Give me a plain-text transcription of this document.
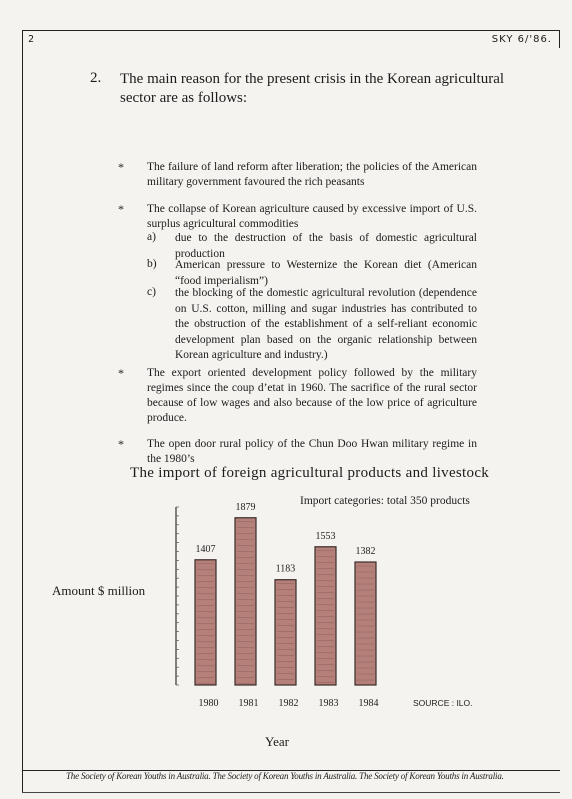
2	SKY 6/'86.
2. The main reason for the present crisis in the Korean agricultural sector are as follows:
* The failure of land reform after liberation; the policies of the American military government favoured the rich peasants
* The collapse of Korean agriculture caused by excessive import of U.S. surplus agricultural commodities
a) due to the destruction of the basis of domestic agricultural production
b) American pressure to Westernize the Korean diet (American “food imperialism”)
c) the blocking of the domestic agricultural revolution (dependence on U.S. cotton, milling and sugar industries has contributed to the obstruction of the establishment of a self-reliant economic development plan based on the organic relationship between Korean agriculture and industry.)
* The export oriented development policy followed by the military regimes since the coup d’etat in 1960. The sacrifice of the rural sector because of low wages and also because of the low price of agriculture produce.
* The open door rural policy of the Chun Doo Hwan military regime in the 1980’s
The import of foreign agricultural products and livestock
Import categories: total 350 products
Amount $ million
1407
1980
1879
1981
1183
1982
1553
1983
1382
1984
Year
SOURCE : ILO.
The Society of Korean Youths in Australia. The Society of Korean Youths in Australia. The Society of Korean Youths in Australia.
